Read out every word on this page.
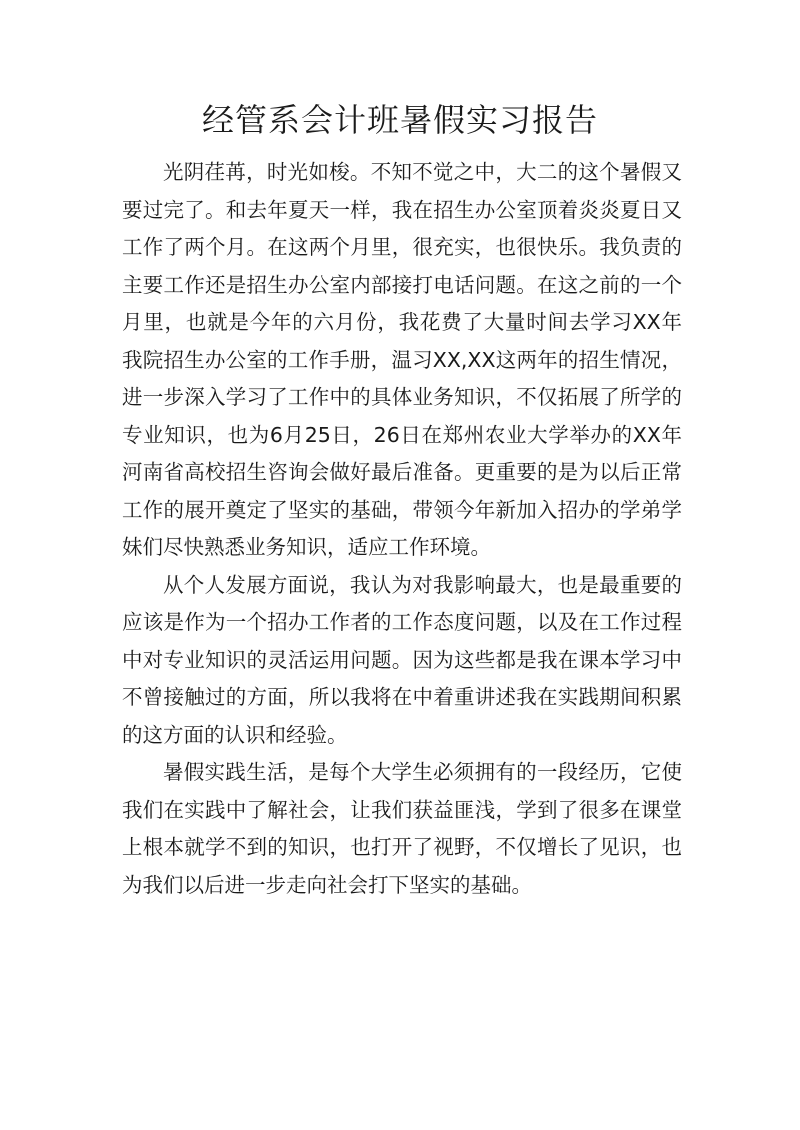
经管系会计班暑假实习报告

光阴荏苒，时光如梭。不知不觉之中，大二的这个暑假又要过完了。和去年夏天一样，我在招生办公室顶着炎炎夏日又工作了两个月。在这两个月里，很充实，也很快乐。我负责的主要工作还是招生办公室内部接打电话问题。在这之前的一个月里，也就是今年的六月份，我花费了大量时间去学习XX年我院招生办公室的工作手册，温习XX,XX这两年的招生情况，进一步深入学习了工作中的具体业务知识，不仅拓展了所学的专业知识，也为6月25日，26日在郑州农业大学举办的XX年河南省高校招生咨询会做好最后准备。更重要的是为以后正常工作的展开奠定了坚实的基础，带领今年新加入招办的学弟学妹们尽快熟悉业务知识，适应工作环境。

从个人发展方面说，我认为对我影响最大，也是最重要的应该是作为一个招办工作者的工作态度问题，以及在工作过程中对专业知识的灵活运用问题。因为这些都是我在课本学习中不曾接触过的方面，所以我将在中着重讲述我在实践期间积累的这方面的认识和经验。

暑假实践生活，是每个大学生必须拥有的一段经历，它使我们在实践中了解社会，让我们获益匪浅，学到了很多在课堂上根本就学不到的知识，也打开了视野，不仅增长了见识，也为我们以后进一步走向社会打下坚实的基础。
